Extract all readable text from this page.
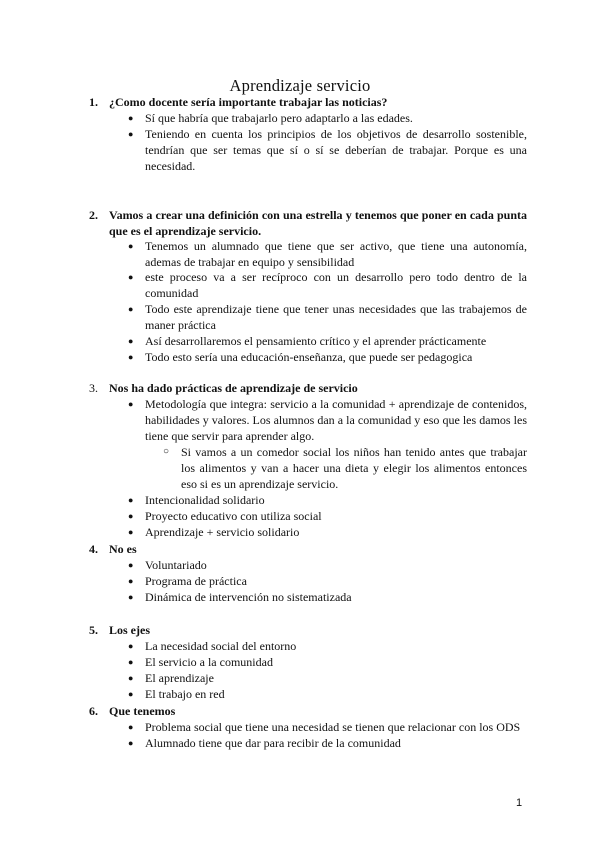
Aprendizaje servicio
1. ¿Como docente sería importante trabajar las noticias?
● Sí que habría que trabajarlo pero adaptarlo a las edades.
● Teniendo en cuenta los principios de los objetivos de desarrollo sostenible, tendrían que ser temas que sí o sí se deberían de trabajar. Porque es una necesidad.
2. Vamos a crear una definición con una estrella y tenemos que poner en cada punta que es el aprendizaje servicio.
● Tenemos un alumnado que tiene que ser activo, que tiene una autonomía, ademas de trabajar en equipo y sensibilidad
● este proceso va a ser recíproco con un desarrollo pero todo dentro de la comunidad
● Todo este aprendizaje tiene que tener unas necesidades que las trabajemos de maner práctica
● Así desarrollaremos el pensamiento crítico y el aprender prácticamente
● Todo esto sería una educación-enseñanza, que puede ser pedagogica
3. Nos ha dado prácticas de aprendizaje de servicio
● Metodología que integra: servicio a la comunidad + aprendizaje de contenidos, habilidades y valores. Los alumnos dan a la comunidad y eso que les damos les tiene que servir para aprender algo.
○ Si vamos a un comedor social los niños han tenido antes que trabajar los alimentos y van a hacer una dieta y elegir los alimentos entonces eso si es un aprendizaje servicio.
● Intencionalidad solidario
● Proyecto educativo con utiliza social
● Aprendizaje + servicio solidario
4. No es
● Voluntariado
● Programa de práctica
● Dinámica de intervención no sistematizada
5. Los ejes
● La necesidad social del entorno
● El servicio a la comunidad
● El aprendizaje
● El trabajo en red
6. Que tenemos
● Problema social que tiene una necesidad se tienen que relacionar con los ODS
● Alumnado tiene que dar para recibir de la comunidad
1
